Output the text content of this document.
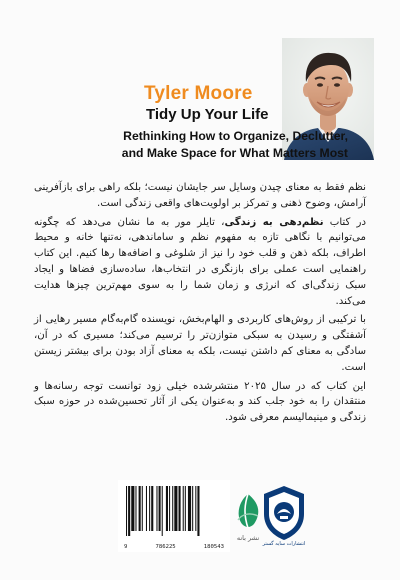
Tyler Moore
Tidy Up Your Life
Rethinking How to Organize, Declutter,
and Make Space for What Matters Most

نظم فقط به معنای چیدن وسایل سر جایشان نیست؛ بلکه راهی برای بازآفرینی آرامش، وضوح ذهنی و تمرکز بر اولویت‌های واقعی زندگی است.

در کتاب نظم‌دهی به زندگی، تایلر مور به ما نشان می‌دهد که چگونه می‌توانیم با نگاهی تازه به مفهوم نظم و ساماندهی، نه‌تنها خانه و محیط اطراف، بلکه ذهن و قلب خود را نیز از شلوغی و اضافه‌ها رها کنیم. این کتاب راهنمایی است عملی برای بازنگری در انتخاب‌ها، ساده‌سازی فضاها و ایجاد سبک زندگی‌ای که انرژی و زمان شما را به سوی مهم‌ترین چیزها هدایت می‌کند.

با ترکیبی از روش‌های کاربردی و الهام‌بخش، نویسنده گام‌به‌گام مسیر رهایی از آشفتگی و رسیدن به سبکی متوازن‌تر را ترسیم می‌کند؛ مسیری که در آن، سادگی به معنای کم داشتن نیست، بلکه به معنای آزاد بودن برای بیشتر زیستن است.

این کتاب که در سال ۲۰۲۵ منتشرشده خیلی زود توانست توجه رسانه‌ها و منتقدان را به خود جلب کند و به‌عنوان یکی از آثار تحسین‌شده در حوزه سبک زندگی و مینیمالیسم معرفی شود.

9	786225	180543
نشر بانه
انتشارات سایه گستر
